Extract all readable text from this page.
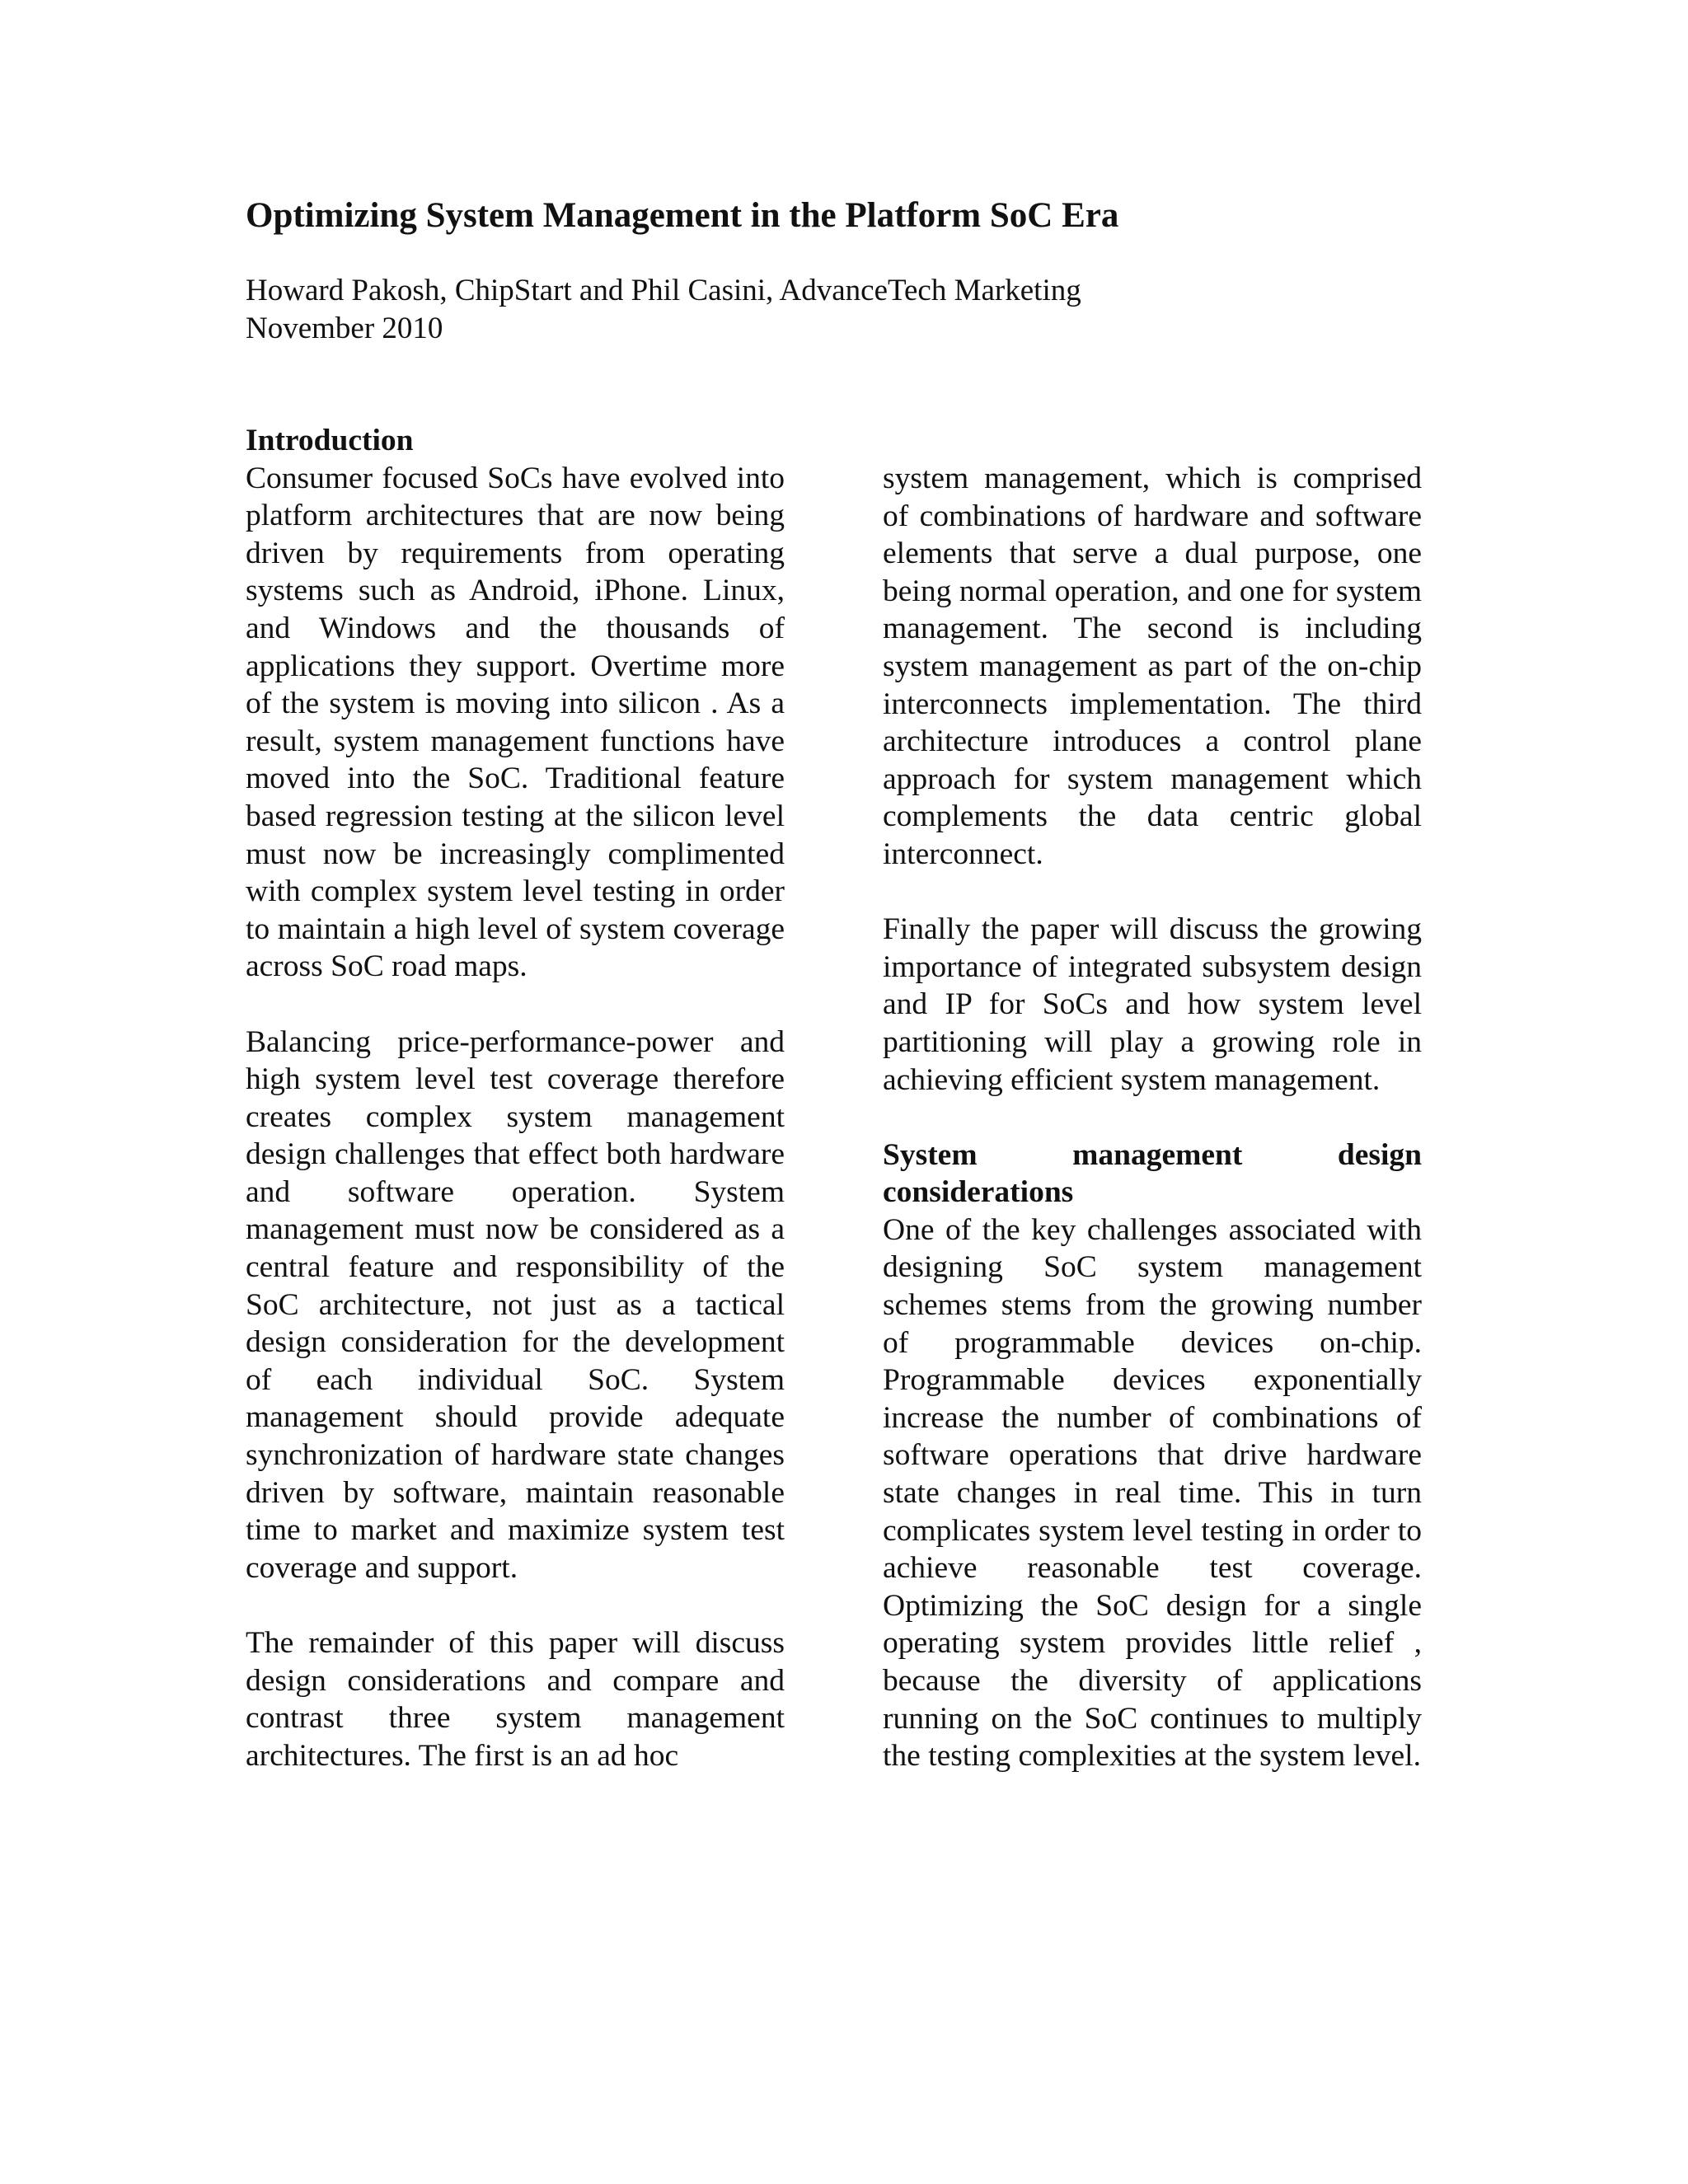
Optimizing System Management in the Platform SoC Era
Howard Pakosh, ChipStart and Phil Casini, AdvanceTech Marketing
November 2010
Introduction

Consumer focused SoCs have evolved into platform architectures that are now being driven by requirements from operating systems such as Android, iPhone. Linux, and Windows and the thousands of applications they support. Overtime more of the system is moving into silicon . As a result, system management functions have moved into the SoC. Traditional feature based regression testing at the silicon level must now be increasingly complimented with complex system level testing in order to maintain a high level of system coverage across SoC road maps.

Balancing price-performance-power and high system level test coverage therefore creates complex system management design challenges that effect both hardware and software operation. System management must now be considered as a central feature and responsibility of the SoC architecture, not just as a tactical design consideration for the development of each individual SoC. System management should provide adequate synchronization of hardware state changes driven by software, maintain reasonable time to market and maximize system test coverage and support.

The remainder of this paper will discuss design considerations and compare and contrast three system management architectures. The first is an ad hoc

system management, which is comprised of combinations of hardware and software elements that serve a dual purpose, one being normal operation, and one for system management. The second is including system management as part of the on-chip interconnects implementation. The third architecture introduces a control plane approach for system management which complements the data centric global interconnect.

Finally the paper will discuss the growing importance of integrated subsystem design and IP for SoCs and how system level partitioning will play a growing role in achieving efficient system management.

System management design considerations

One of the key challenges associated with designing SoC system management schemes stems from the growing number of programmable devices on-chip. Programmable devices exponentially increase the number of combinations of software operations that drive hardware state changes in real time. This in turn complicates system level testing in order to achieve reasonable test coverage. Optimizing the SoC design for a single operating system provides little relief , because the diversity of applications running on the SoC continues to multiply the testing complexities at the system level.
